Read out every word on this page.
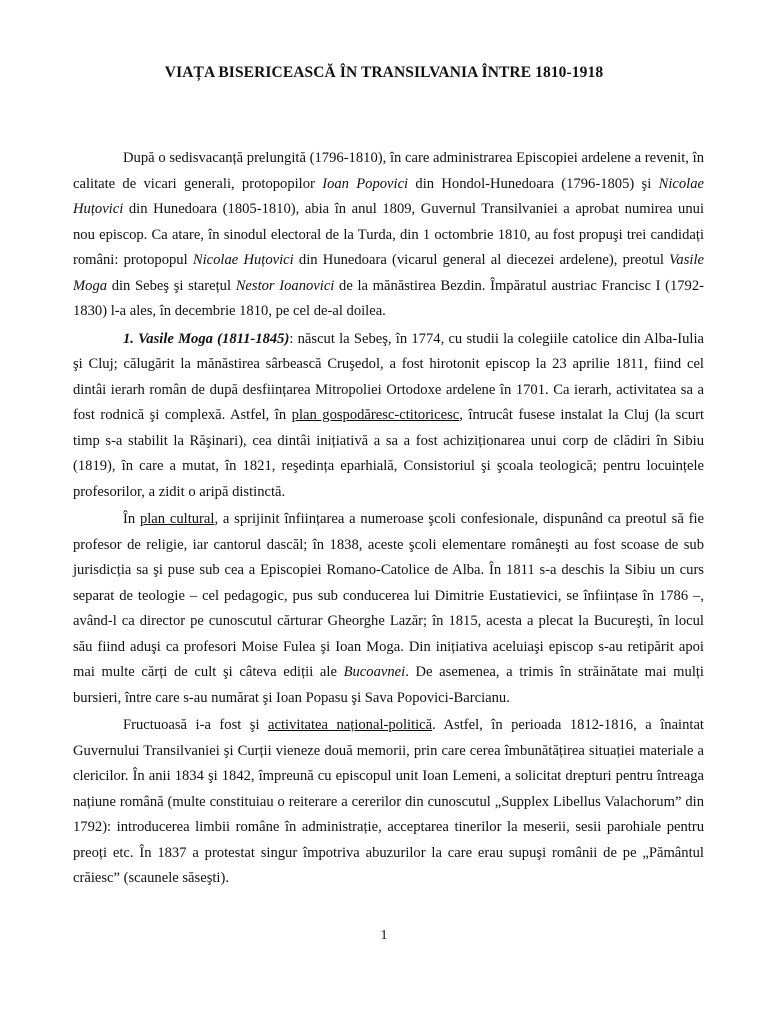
VIAȚA BISERICEASCĂ ÎN TRANSILVANIA ÎNTRE 1810-1918

După o sedisvacanță prelungită (1796-1810), în care administrarea Episcopiei ardelene a revenit, în calitate de vicari generali, protopopilor Ioan Popovici din Hondol-Hunedoara (1796-1805) şi Nicolae Huțovici din Hunedoara (1805-1810), abia în anul 1809, Guvernul Transilvaniei a aprobat numirea unui nou episcop. Ca atare, în sinodul electoral de la Turda, din 1 octombrie 1810, au fost propuşi trei candidați români: protopopul Nicolae Huțovici din Hunedoara (vicarul general al diecezei ardelene), preotul Vasile Moga din Sebeş şi starețul Nestor Ioanovici de la mănăstirea Bezdin. Împăratul austriac Francisc I (1792-1830) l-a ales, în decembrie 1810, pe cel de-al doilea.

1. Vasile Moga (1811-1845): născut la Sebeş, în 1774, cu studii la colegiile catolice din Alba-Iulia şi Cluj; călugărit la mănăstirea sârbească Cruşedol, a fost hirotonit episcop la 23 aprilie 1811, fiind cel dintâi ierarh român de după desființarea Mitropoliei Ortodoxe ardelene în 1701. Ca ierarh, activitatea sa a fost rodnică şi complexă. Astfel, în plan gospodăresc-ctitoricesc, întrucât fusese instalat la Cluj (la scurt timp s-a stabilit la Răşinari), cea dintâi inițiativă a sa a fost achiziționarea unui corp de clădiri în Sibiu (1819), în care a mutat, în 1821, reşedința eparhială, Consistoriul şi şcoala teologică; pentru locuințele profesorilor, a zidit o aripă distinctă.

În plan cultural, a sprijinit înființarea a numeroase şcoli confesionale, dispunând ca preotul să fie profesor de religie, iar cantorul dascăl; în 1838, aceste şcoli elementare româneşti au fost scoase de sub jurisdicția sa şi puse sub cea a Episcopiei Romano-Catolice de Alba. În 1811 s-a deschis la Sibiu un curs separat de teologie – cel pedagogic, pus sub conducerea lui Dimitrie Eustatievici, se înființase în 1786 –, având-l ca director pe cunoscutul cărturar Gheorghe Lazăr; în 1815, acesta a plecat la Bucureşti, în locul său fiind aduşi ca profesori Moise Fulea şi Ioan Moga. Din inițiativa aceluiaşi episcop s-au retipărit apoi mai multe cărți de cult şi câteva ediții ale Bucoavnei. De asemenea, a trimis în străinătate mai mulți bursieri, între care s-au numărat şi Ioan Popasu şi Sava Popovici-Barcianu.

Fructuoasă i-a fost şi activitatea național-politică. Astfel, în perioada 1812-1816, a înaintat Guvernului Transilvaniei şi Curții vieneze două memorii, prin care cerea îmbunătățirea situației materiale a clericilor. În anii 1834 şi 1842, împreună cu episcopul unit Ioan Lemeni, a solicitat drepturi pentru întreaga națiune română (multe constituiau o reiterare a cererilor din cunoscutul „Supplex Libellus Valachorum” din 1792): introducerea limbii române în administrație, acceptarea tinerilor la meserii, sesii parohiale pentru preoți etc. În 1837 a protestat singur împotriva abuzurilor la care erau supuşi românii de pe „Pământul crăiesc” (scaunele săseşti).

1
